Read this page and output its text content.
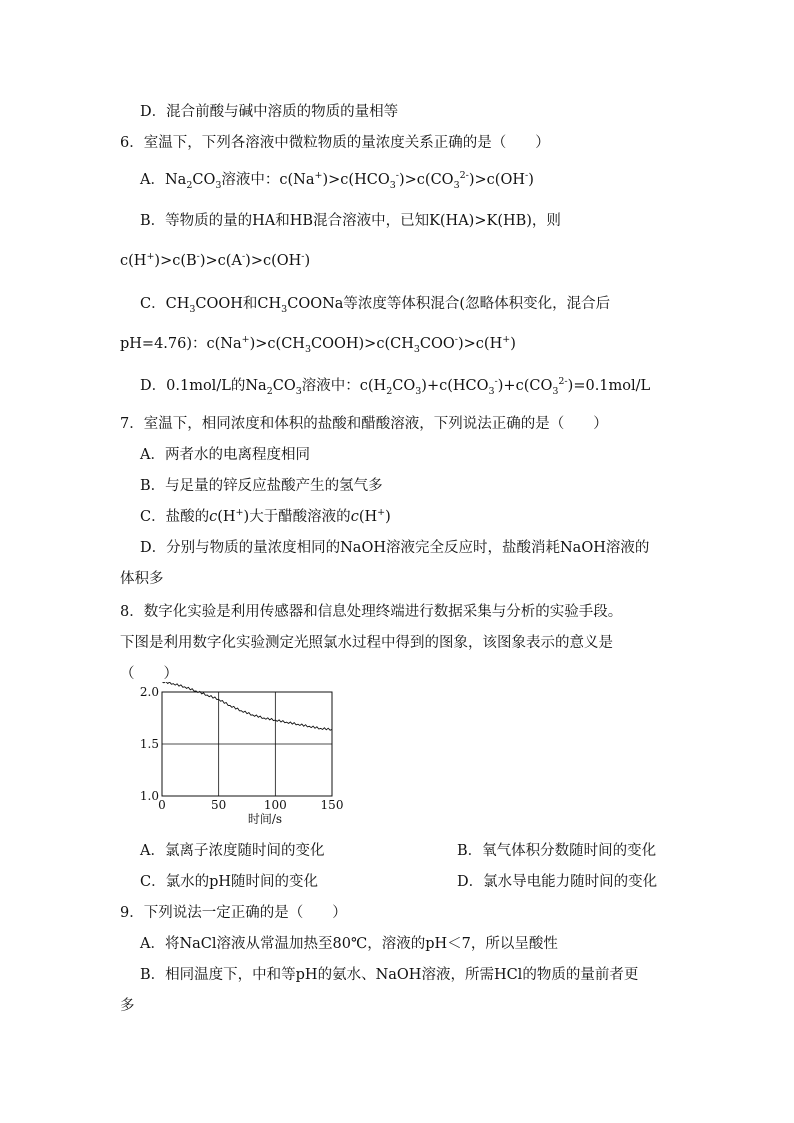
D．混合前酸与碱中溶质的物质的量相等
6．室温下，下列各溶液中微粒物质的量浓度关系正确的是（　　）
A．$Na_2CO_3$溶液中：$c(Na^+)>c(HCO_3^-)>c(CO_3^{2-})>c(OH^-)$
B．等物质的量的HA和HB混合溶液中，已知K(HA)>K(HB)，则
c(H+)>c(B-)>c(A-)>c(OH-)
C．$CH_3COOH$和$CH_3COONa$等浓度等体积混合(忽略体积变化，混合后
pH=4.76)：$c(Na^+)>c(CH_3COOH)>c(CH_3COO^-)>c(H^+)$
D．0.1mol/L的$Na_2CO_3$溶液中：$c(H_2CO_3)+c(HCO_3^-)+c(CO_3^{2-})=0.1mol/L$
7．室温下，相同浓度和体积的盐酸和醋酸溶液，下列说法正确的是（　　）
A．两者水的电离程度相同
B．与足量的锌反应盐酸产生的氢气多
C．盐酸的c(H+)大于醋酸溶液的c(H+)
D．分别与物质的量浓度相同的NaOH溶液完全反应时，盐酸消耗NaOH溶液的
体积多
8．数字化实验是利用传感器和信息处理终端进行数据采集与分析的实验手段。
下图是利用数字化实验测定光照氯水过程中得到的图象，该图象表示的意义是
（　　）
0	50	100	150
1.0
1.5
2.0
时间/s
A．氯离子浓度随时间的变化	B．氧气体积分数随时间的变化
C．氯水的pH随时间的变化	D．氯水导电能力随时间的变化
9．下列说法一定正确的是（　　）
A．将NaCl溶液从常温加热至80℃，溶液的pH＜7，所以呈酸性
B．相同温度下，中和等pH的氨水、NaOH溶液，所需HCl的物质的量前者更
多
